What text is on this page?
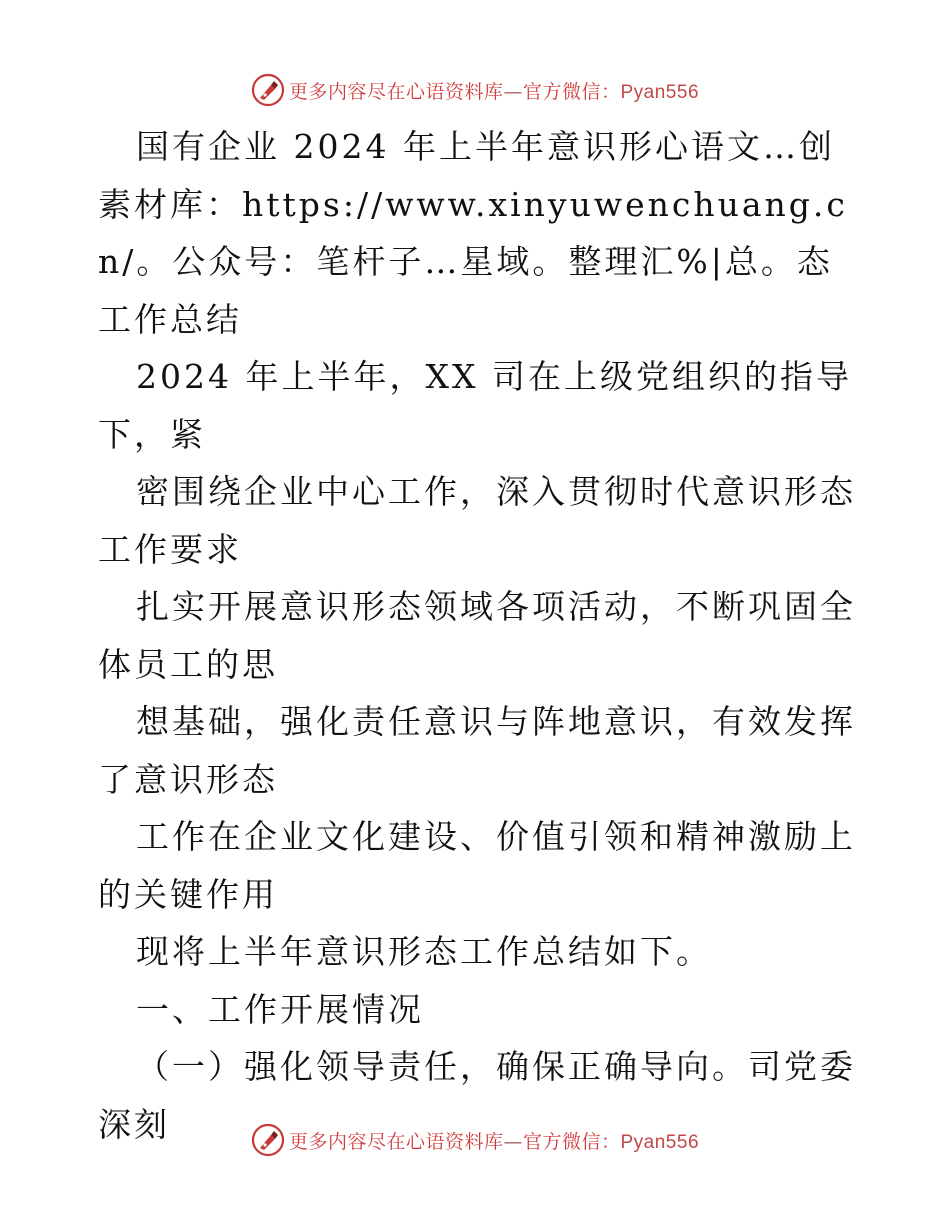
更多内容尽在心语资料库—官方微信：Pyan556

国有企业 2024 年上半年意识形心语文…创素材库：https://www.xinyuwenchuang.cn/。公众号：笔杆子…星域。整理汇%|总。态工作总结

2024 年上半年，XX 司在上级党组织的指导下，紧

密围绕企业中心工作，深入贯彻时代意识形态工作要求

扎实开展意识形态领域各项活动，不断巩固全体员工的思

想基础，强化责任意识与阵地意识，有效发挥了意识形态

工作在企业文化建设、价值引领和精神激励上的关键作用

现将上半年意识形态工作总结如下。

一、工作开展情况

（一）强化领导责任，确保正确导向。司党委深刻	更多内容尽在心语资料库—官方微信：Pyan556
